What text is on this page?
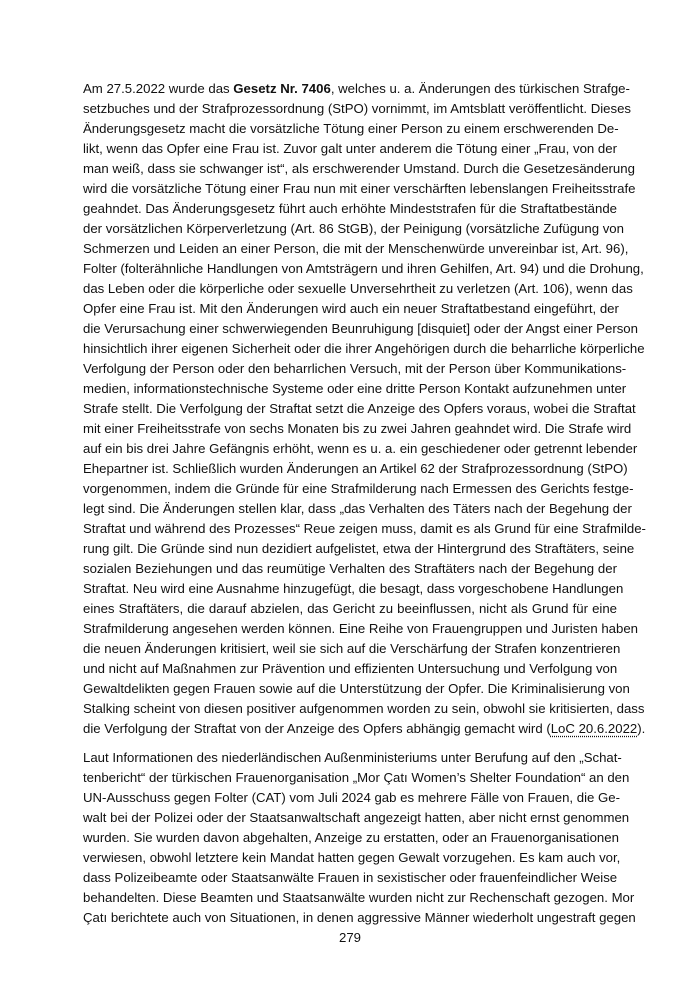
Am 27.5.2022 wurde das Gesetz Nr. 7406, welches u. a. Änderungen des türkischen Strafge-
setzbuches und der Strafprozessordnung (StPO) vornimmt, im Amtsblatt veröffentlicht. Dieses
Änderungsgesetz macht die vorsätzliche Tötung einer Person zu einem erschwerenden De-
likt, wenn das Opfer eine Frau ist. Zuvor galt unter anderem die Tötung einer „Frau, von der
man weiß, dass sie schwanger ist“, als erschwerender Umstand. Durch die Gesetzesänderung
wird die vorsätzliche Tötung einer Frau nun mit einer verschärften lebenslangen Freiheitsstrafe
geahndet. Das Änderungsgesetz führt auch erhöhte Mindeststrafen für die Straftatbestände
der vorsätzlichen Körperverletzung (Art. 86 StGB), der Peinigung (vorsätzliche Zufügung von
Schmerzen und Leiden an einer Person, die mit der Menschenwürde unvereinbar ist, Art. 96),
Folter (folterähnliche Handlungen von Amtsträgern und ihren Gehilfen, Art. 94) und die Drohung,
das Leben oder die körperliche oder sexuelle Unversehrtheit zu verletzen (Art. 106), wenn das
Opfer eine Frau ist. Mit den Änderungen wird auch ein neuer Straftatbestand eingeführt, der
die Verursachung einer schwerwiegenden Beunruhigung [disquiet] oder der Angst einer Person
hinsichtlich ihrer eigenen Sicherheit oder die ihrer Angehörigen durch die beharrliche körperliche
Verfolgung der Person oder den beharrlichen Versuch, mit der Person über Kommunikations-
medien, informationstechnische Systeme oder eine dritte Person Kontakt aufzunehmen unter
Strafe stellt. Die Verfolgung der Straftat setzt die Anzeige des Opfers voraus, wobei die Straftat
mit einer Freiheitsstrafe von sechs Monaten bis zu zwei Jahren geahndet wird. Die Strafe wird
auf ein bis drei Jahre Gefängnis erhöht, wenn es u. a. ein geschiedener oder getrennt lebender
Ehepartner ist. Schließlich wurden Änderungen an Artikel 62 der Strafprozessordnung (StPO)
vorgenommen, indem die Gründe für eine Strafmilderung nach Ermessen des Gerichts festge-
legt sind. Die Änderungen stellen klar, dass „das Verhalten des Täters nach der Begehung der
Straftat und während des Prozesses“ Reue zeigen muss, damit es als Grund für eine Strafmilde-
rung gilt. Die Gründe sind nun dezidiert aufgelistet, etwa der Hintergrund des Straftäters, seine
sozialen Beziehungen und das reumütige Verhalten des Straftäters nach der Begehung der
Straftat. Neu wird eine Ausnahme hinzugefügt, die besagt, dass vorgeschobene Handlungen
eines Straftäters, die darauf abzielen, das Gericht zu beeinflussen, nicht als Grund für eine
Strafmilderung angesehen werden können. Eine Reihe von Frauengruppen und Juristen haben
die neuen Änderungen kritisiert, weil sie sich auf die Verschärfung der Strafen konzentrieren
und nicht auf Maßnahmen zur Prävention und effizienten Untersuchung und Verfolgung von
Gewaltdelikten gegen Frauen sowie auf die Unterstützung der Opfer. Die Kriminalisierung von
Stalking scheint von diesen positiver aufgenommen worden zu sein, obwohl sie kritisierten, dass
die Verfolgung der Straftat von der Anzeige des Opfers abhängig gemacht wird (LoC 20.6.2022).

Laut Informationen des niederländischen Außenministeriums unter Berufung auf den „Schat-
tenbericht“ der türkischen Frauenorganisation „Mor Çatı Women’s Shelter Foundation“ an den
UN-Ausschuss gegen Folter (CAT) vom Juli 2024 gab es mehrere Fälle von Frauen, die Ge-
walt bei der Polizei oder der Staatsanwaltschaft angezeigt hatten, aber nicht ernst genommen
wurden. Sie wurden davon abgehalten, Anzeige zu erstatten, oder an Frauenorganisationen
verwiesen, obwohl letztere kein Mandat hatten gegen Gewalt vorzugehen. Es kam auch vor,
dass Polizeibeamte oder Staatsanwälte Frauen in sexistischer oder frauenfeindlicher Weise
behandelten. Diese Beamten und Staatsanwälte wurden nicht zur Rechenschaft gezogen. Mor
Çatı berichtete auch von Situationen, in denen aggressive Männer wiederholt ungestraft gegen

279
